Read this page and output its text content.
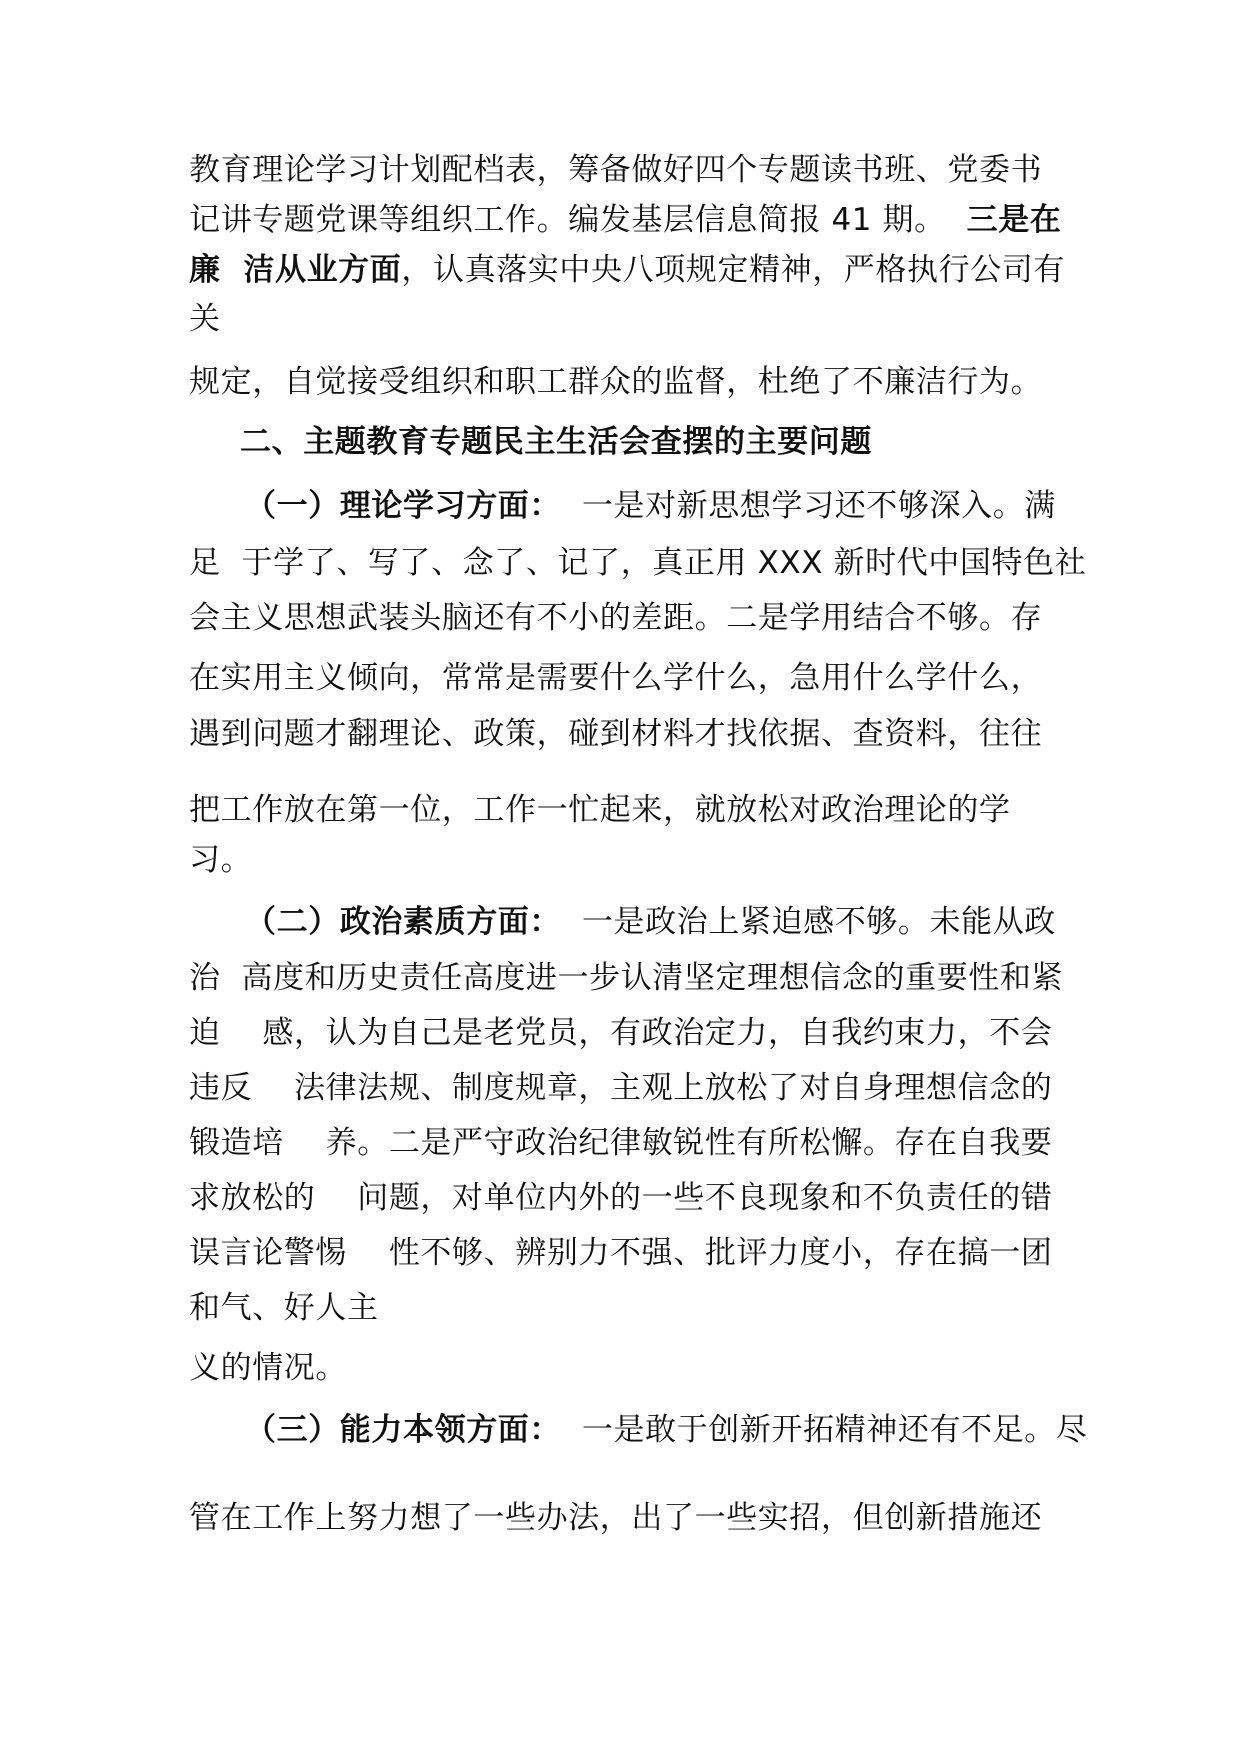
教育理论学习计划配档表，筹备做好四个专题读书班、党委书
记讲专题党课等组织工作。编发基层信息简报 41 期。  三是在
廉  洁从业方面，认真落实中央八项规定精神，严格执行公司有
关
规定，自觉接受组织和职工群众的监督，杜绝了不廉洁行为。
二、主题教育专题民主生活会查摆的主要问题
（一）理论学习方面：  一是对新思想学习还不够深入。满
足  于学了、写了、念了、记了，真正用 XXX 新时代中国特色社
会主义思想武装头脑还有不小的差距。二是学用结合不够。存
在实用主义倾向，常常是需要什么学什么，急用什么学什么，
遇到问题才翻理论、政策，碰到材料才找依据、查资料，往往
把工作放在第一位，工作一忙起来，就放松对政治理论的学
习。
（二）政治素质方面：  一是政治上紧迫感不够。未能从政
治  高度和历史责任高度进一步认清坚定理想信念的重要性和紧
迫    感，认为自己是老党员，有政治定力，自我约束力，不会
违反    法律法规、制度规章，主观上放松了对自身理想信念的
锻造培    养。二是严守政治纪律敏锐性有所松懈。存在自我要
求放松的    问题，对单位内外的一些不良现象和不负责任的错
误言论警惕    性不够、辨别力不强、批评力度小，存在搞一团
和气、好人主
义的情况。
（三）能力本领方面：  一是敢于创新开拓精神还有不足。尽
管在工作上努力想了一些办法，出了一些实招，但创新措施还
